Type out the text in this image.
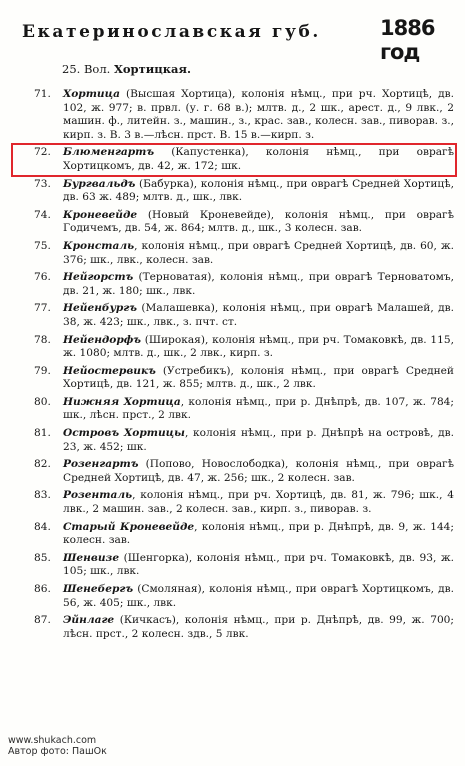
Екатеринославская губ.	1886 год
25. Вол. Хортицкая.
71. Хортица (Высшая Хортица), колонія нѣмц., при рч. Хортицѣ, дв. 102, ж. 977; в. првл. (у. г. 68 в.); млтв. д., 2 шк., арест. д., 9 лвк., 2 машин. ф., литейн. з., машин., з., крас. зав., колесн. зав., пиворав. з., кирп. з. В. 3 в.—лѣсн. прст. В. 15 в.—кирп. з.
72. Блюменгартъ (Капустенка), колонія нѣмц., при оврагѣ Хортицкомъ, дв. 42, ж. 172; шк.
73. Бургвальдъ (Бабурка), колонія нѣмц., при оврагѣ Средней Хортицѣ, дв. 63 ж. 489; млтв. д., шк., лвк.
74. Кроневейде (Новый Кроневейде), колонія нѣмц., при оврагѣ Годичемъ, дв. 54, ж. 864; млтв. д., шк., 3 колесн. зав.
75. Кронсталь, колонія нѣмц., при оврагѣ Средней Хортицѣ, дв. 60, ж. 376; шк., лвк., колесн. зав.
76. Нейгорстъ (Терноватая), колонія нѣмц., при оврагѣ Терноватомъ, дв. 21, ж. 180; шк., лвк.
77. Нейенбургъ (Малашевка), колонія нѣмц., при оврагѣ Малашей, дв. 38, ж. 423; шк., лвк., з. пчт. ст.
78. Нейендорфъ (Широкая), колонія нѣмц., при рч. Томаковкѣ, дв. 115, ж. 1080; млтв. д., шк., 2 лвк., кирп. з.
79. Нейостервикъ (Устребикъ), колонія нѣмц., при оврагѣ Средней Хортицѣ, дв. 121, ж. 855; млтв. д., шк., 2 лвк.
80. Нижняя Хортица, колонія нѣмц., при р. Днѣпрѣ, дв. 107, ж. 784; шк., лѣсн. прст., 2 лвк.
81. Островъ Хортицы, колонія нѣмц., при р. Днѣпрѣ на островѣ, дв. 23, ж. 452; шк.
82. Розенгартъ (Попово, Новослободка), колонія нѣмц., при оврагѣ Средней Хортицѣ, дв. 47, ж. 256; шк., 2 колесн. зав.
83. Розенталь, колонія нѣмц., при рч. Хортицѣ, дв. 81, ж. 796; шк., 4 лвк., 2 машин. зав., 2 колесн. зав., кирп. з., пиворав. з.
84. Старый Кроневейде, колонія нѣмц., при р. Днѣпрѣ, дв. 9, ж. 144; колесн. зав.
85. Шенвизе (Шенгорка), колонія нѣмц., при рч. Томаковкѣ, дв. 93, ж. 105; шк., лвк.
86. Шенебергъ (Смоляная), колонія нѣмц., при оврагѣ Хортицкомъ, дв. 56, ж. 405; шк., лвк.
87. Эйнлаге (Кичкасъ), колонія нѣмц., при р. Днѣпрѣ, дв. 99, ж. 700; лѣсн. прст., 2 колесн. здв., 5 лвк.
www.shukach.com
Автор фото: ПашОк
